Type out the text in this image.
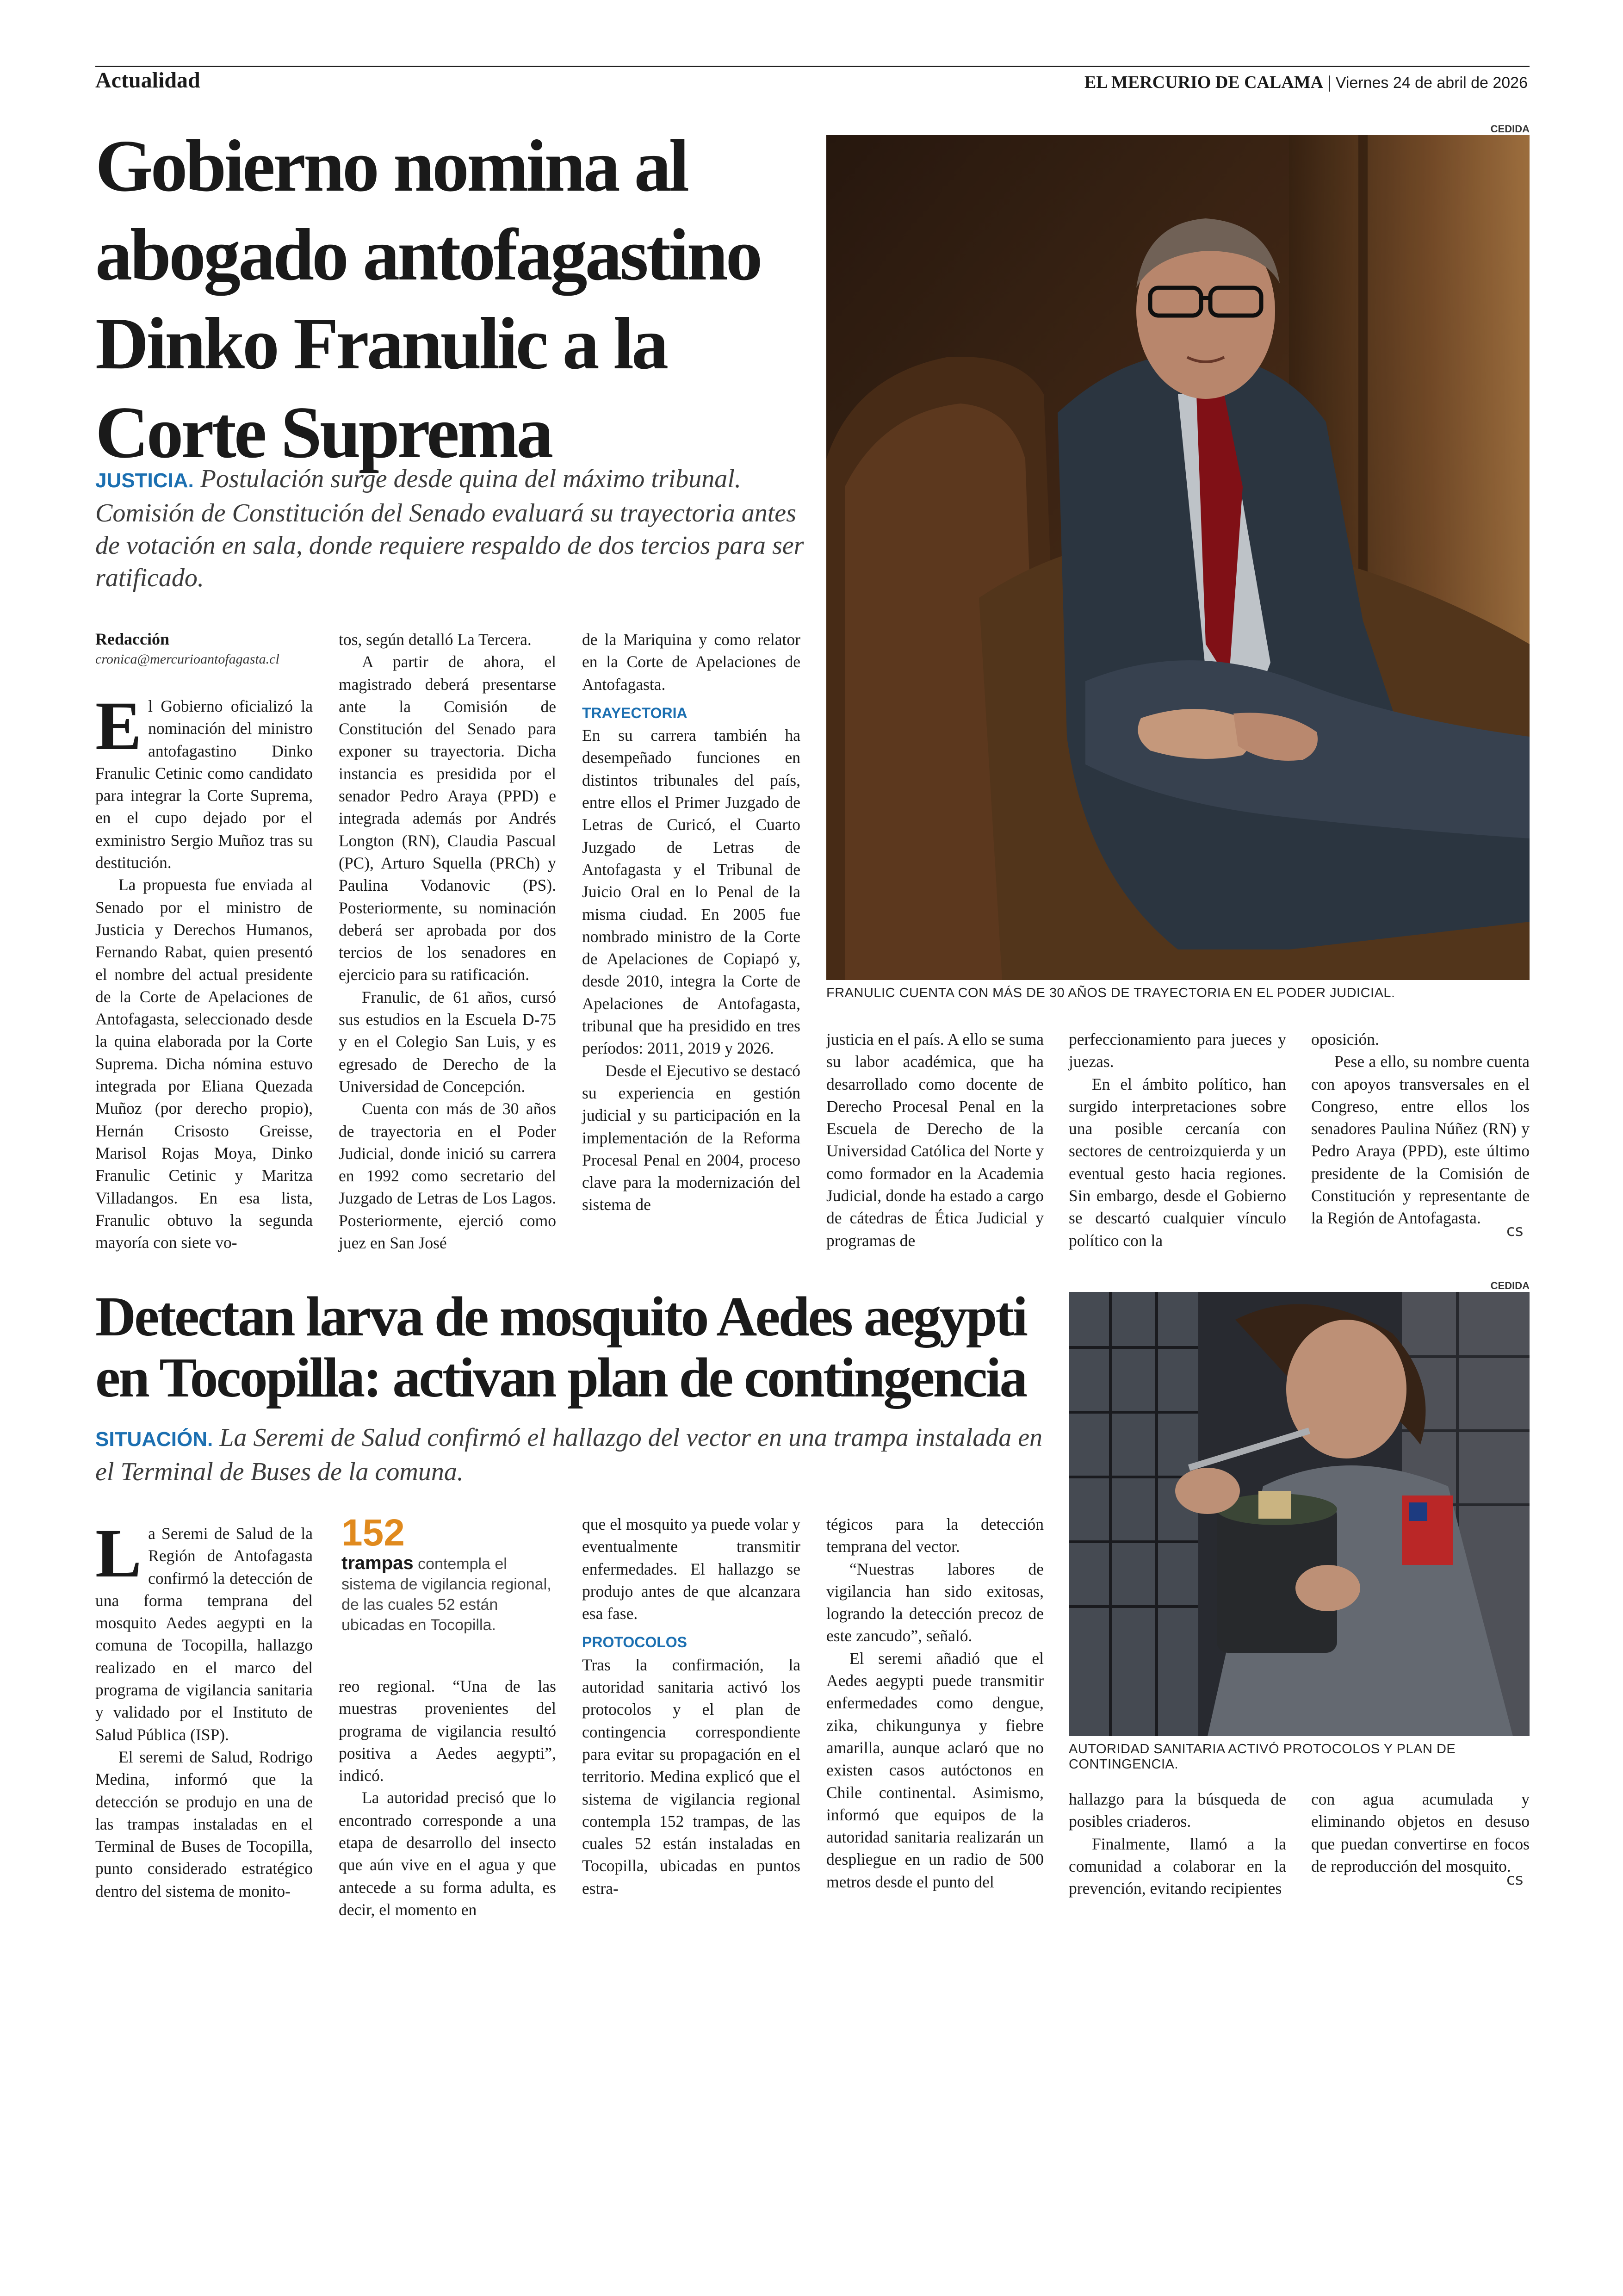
Actualidad	EL MERCURIO DE CALAMA | Viernes 24 de abril de 2026
Gobierno nomina al abogado antofagastino Dinko Franulic a la Corte Suprema
JUSTICIA. Postulación surge desde quina del máximo tribunal. Comisión de Constitución del Senado evaluará su trayectoria antes de votación en sala, donde requiere respaldo de dos tercios para ser ratificado.
Redacción
cronica@mercurioantofagasta.cl
CEDIDA
FRANULIC CUENTA CON MÁS DE 30 AÑOS DE TRAYECTORIA EN EL PODER JUDICIAL.
E l Gobierno oficializó la nominación del ministro antofagastino Dinko Franulic Cetinic como candidato para integrar la Corte Suprema, en el cupo dejado por el exministro Sergio Muñoz tras su destitución.

La propuesta fue enviada al Senado por el ministro de Justicia y Derechos Humanos, Fernando Rabat, quien presentó el nombre del actual presidente de la Corte de Apelaciones de Antofagasta, seleccionado desde la quina elaborada por la Corte Suprema. Dicha nómina estuvo integrada por Eliana Quezada Muñoz (por derecho propio), Hernán Crisosto Greisse, Marisol Rojas Moya, Dinko Franulic Cetinic y Maritza Villadangos. En esa lista, Franulic obtuvo la segunda mayoría con siete vo-

tos, según detalló La Tercera.

A partir de ahora, el magistrado deberá presentarse ante la Comisión de Constitución del Senado para exponer su trayectoria. Dicha instancia es presidida por el senador Pedro Araya (PPD) e integrada además por Andrés Longton (RN), Claudia Pascual (PC), Arturo Squella (PRCh) y Paulina Vodanovic (PS). Posteriormente, su nominación deberá ser aprobada por dos tercios de los senadores en ejercicio para su ratificación.

Franulic, de 61 años, cursó sus estudios en la Escuela D-75 y en el Colegio San Luis, y es egresado de Derecho de la Universidad de Concepción.

Cuenta con más de 30 años de trayectoria en el Poder Judicial, donde inició su carrera en 1992 como secretario del Juzgado de Letras de Los Lagos. Posteriormente, ejerció como juez en San José

de la Mariquina y como relator en la Corte de Apelaciones de Antofagasta.

TRAYECTORIA

En su carrera también ha desempeñado funciones en distintos tribunales del país, entre ellos el Primer Juzgado de Letras de Curicó, el Cuarto Juzgado de Letras de Antofagasta y el Tribunal de Juicio Oral en lo Penal de la misma ciudad. En 2005 fue nombrado ministro de la Corte de Apelaciones de Copiapó y, desde 2010, integra la Corte de Apelaciones de Antofagasta, tribunal que ha presidido en tres períodos: 2011, 2019 y 2026.

Desde el Ejecutivo se destacó su experiencia en gestión judicial y su participación en la implementación de la Reforma Procesal Penal en 2004, proceso clave para la modernización del sistema de

justicia en el país. A ello se suma su labor académica, que ha desarrollado como docente de Derecho Procesal Penal en la Escuela de Derecho de la Universidad Católica del Norte y como formador en la Academia Judicial, donde ha estado a cargo de cátedras de Ética Judicial y programas de

perfeccionamiento para jueces y juezas.

En el ámbito político, han surgido interpretaciones sobre una posible cercanía con sectores de centroizquierda y un eventual gesto hacia regiones. Sin embargo, desde el Gobierno se descartó cualquier vínculo político con la

oposición.

Pese a ello, su nombre cuenta con apoyos transversales en el Congreso, entre ellos los senadores Paulina Núñez (RN) y Pedro Araya (PPD), este último presidente de la Comisión de Constitución y representante de la Región de Antofagasta.

cs
Detectan larva de mosquito Aedes aegypti en Tocopilla: activan plan de contingencia
SITUACIÓN. La Seremi de Salud confirmó el hallazgo del vector en una trampa instalada en el Terminal de Buses de la comuna.
CEDIDA
AUTORIDAD SANITARIA ACTIVÓ PROTOCOLOS Y PLAN DE CONTINGENCIA.
L a Seremi de Salud de la Región de Antofagasta confirmó la detección de una forma temprana del mosquito Aedes aegypti en la comuna de Tocopilla, hallazgo realizado en el marco del programa de vigilancia sanitaria y validado por el Instituto de Salud Pública (ISP).

El seremi de Salud, Rodrigo Medina, informó que la detección se produjo en una de las trampas instaladas en el Terminal de Buses de Tocopilla, punto considerado estratégico dentro del sistema de monito-

152
trampas contempla el sistema de vigilancia regional, de las cuales 52 están ubicadas en Tocopilla.

reo regional. “Una de las muestras provenientes del programa de vigilancia resultó positiva a Aedes aegypti”, indicó.

La autoridad precisó que lo encontrado corresponde a una etapa de desarrollo del insecto que aún vive en el agua y que antecede a su forma adulta, es decir, el momento en

que el mosquito ya puede volar y eventualmente transmitir enfermedades. El hallazgo se produjo antes de que alcanzara esa fase.

PROTOCOLOS

Tras la confirmación, la autoridad sanitaria activó los protocolos y el plan de contingencia correspondiente para evitar su propagación en el territorio. Medina explicó que el sistema de vigilancia regional contempla 152 trampas, de las cuales 52 están instaladas en Tocopilla, ubicadas en puntos estra-

tégicos para la detección temprana del vector.

“Nuestras labores de vigilancia han sido exitosas, logrando la detección precoz de este zancudo”, señaló.

El seremi añadió que el Aedes aegypti puede transmitir enfermedades como dengue, zika, chikungunya y fiebre amarilla, aunque aclaró que no existen casos autóctonos en Chile continental. Asimismo, informó que equipos de la autoridad sanitaria realizarán un despliegue en un radio de 500 metros desde el punto del

hallazgo para la búsqueda de posibles criaderos.

Finalmente, llamó a la comunidad a colaborar en la prevención, evitando recipientes

con agua acumulada y eliminando objetos en desuso que puedan convertirse en focos de reproducción del mosquito.

cs
